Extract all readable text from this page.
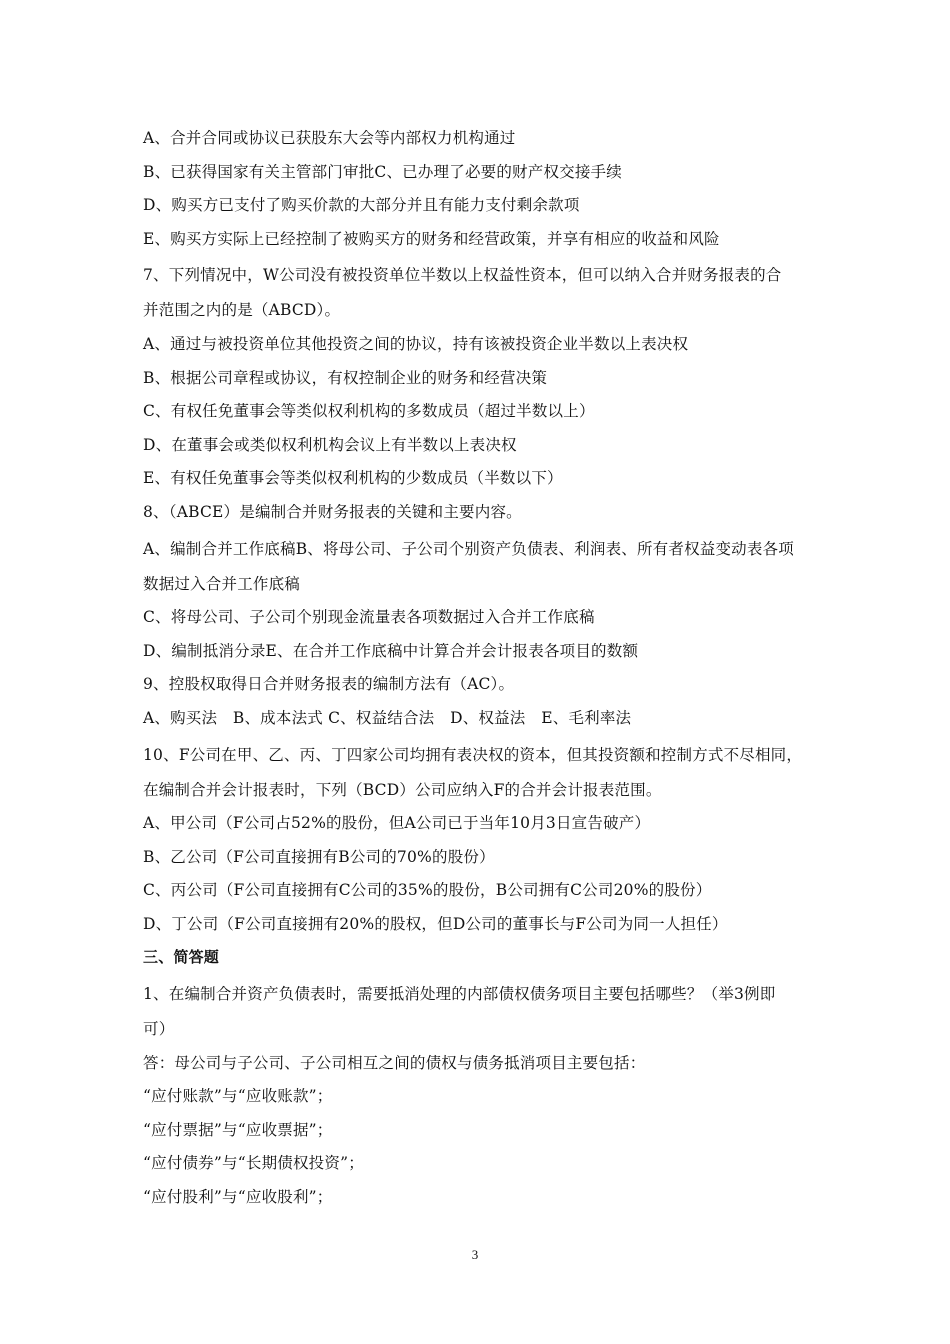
A、合并合同或协议已获股东大会等内部权力机构通过
B、已获得国家有关主管部门审批C、已办理了必要的财产权交接手续
D、购买方已支付了购买价款的大部分并且有能力支付剩余款项
E、购买方实际上已经控制了被购买方的财务和经营政策，并享有相应的收益和风险
7、下列情况中，W公司没有被投资单位半数以上权益性资本，但可以纳入合并财务报表的合
并范围之内的是（ABCD）。
A、通过与被投资单位其他投资之间的协议，持有该被投资企业半数以上表决权
B、根据公司章程或协议，有权控制企业的财务和经营决策
C、有权任免董事会等类似权利机构的多数成员（超过半数以上）
D、在董事会或类似权利机构会议上有半数以上表决权
E、有权任免董事会等类似权利机构的少数成员（半数以下）
8、（ABCE）是编制合并财务报表的关键和主要内容。
A、编制合并工作底稿B、将母公司、子公司个别资产负债表、利润表、所有者权益变动表各项
数据过入合并工作底稿
C、将母公司、子公司个别现金流量表各项数据过入合并工作底稿
D、编制抵消分录E、在合并工作底稿中计算合并会计报表各项目的数额
9、控股权取得日合并财务报表的编制方法有（AC）。
A、购买法　B、成本法式 C、权益结合法　D、权益法　E、毛利率法
10、F公司在甲、乙、丙、丁四家公司均拥有表决权的资本，但其投资额和控制方式不尽相同，
在编制合并会计报表时，下列（BCD）公司应纳入F的合并会计报表范围。
A、甲公司（F公司占52%的股份，但A公司已于当年10月3日宣告破产）
B、乙公司（F公司直接拥有B公司的70%的股份）
C、丙公司（F公司直接拥有C公司的35%的股份，B公司拥有C公司20%的股份）
D、丁公司（F公司直接拥有20%的股权，但D公司的董事长与F公司为同一人担任）
三、简答题
1、在编制合并资产负债表时，需要抵消处理的内部债权债务项目主要包括哪些？（举3例即
可）
答：母公司与子公司、子公司相互之间的债权与债务抵消项目主要包括：
“应付账款”与“应收账款”；
“应付票据”与“应收票据”；
“应付债券”与“长期债权投资”；
“应付股利”与“应收股利”；
3
